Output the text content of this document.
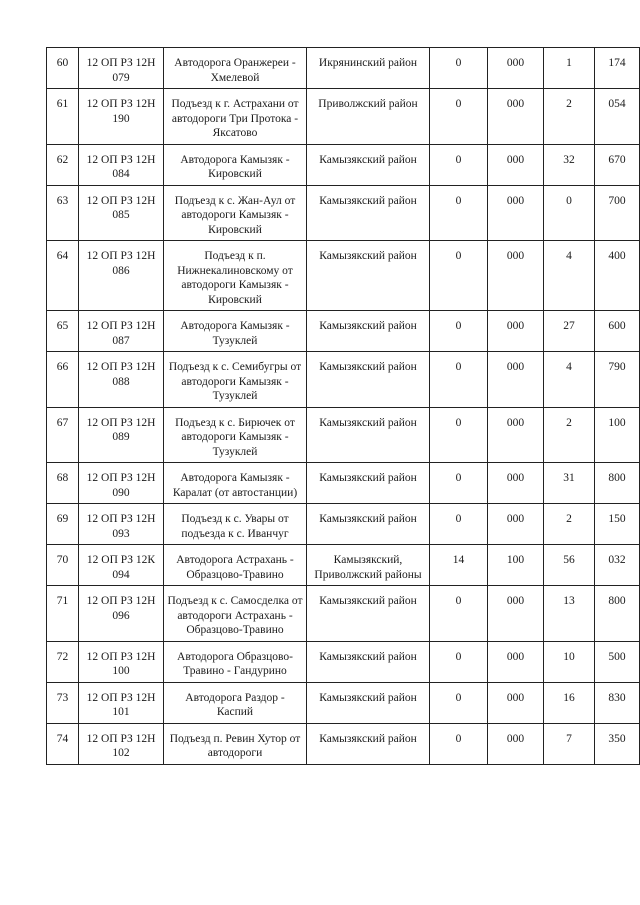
60	12 ОП РЗ 12Н 079	Автодорога Оранжереи - Хмелевой	Икрянинский район	0	000	1	174
61	12 ОП РЗ 12Н 190	Подъезд к г. Астрахани от автодороги Три Протока - Яксатово	Приволжский район	0	000	2	054
62	12 ОП РЗ 12Н 084	Автодорога Камызяк - Кировский	Камызякский район	0	000	32	670
63	12 ОП РЗ 12Н 085	Подъезд к с. Жан-Аул от автодороги Камызяк - Кировский	Камызякский район	0	000	0	700
64	12 ОП РЗ 12Н 086	Подъезд к п. Нижнекалиновскому от автодороги Камызяк - Кировский	Камызякский район	0	000	4	400
65	12 ОП РЗ 12Н 087	Автодорога Камызяк - Тузуклей	Камызякский район	0	000	27	600
66	12 ОП РЗ 12Н 088	Подъезд к с. Семибугры от автодороги Камызяк - Тузуклей	Камызякский район	0	000	4	790
67	12 ОП РЗ 12Н 089	Подъезд к с. Бирючек от автодороги Камызяк - Тузуклей	Камызякский район	0	000	2	100
68	12 ОП РЗ 12Н 090	Автодорога Камызяк - Каралат (от автостанции)	Камызякский район	0	000	31	800
69	12 ОП РЗ 12Н 093	Подъезд к с. Увары от подъезда к с. Иванчуг	Камызякский район	0	000	2	150
70	12 ОП РЗ 12К 094	Автодорога Астрахань - Образцово-Травино	Камызякский, Приволжский районы	14	100	56	032
71	12 ОП РЗ 12Н 096	Подъезд к с. Самосделка от автодороги Астрахань - Образцово-Травино	Камызякский район	0	000	13	800
72	12 ОП РЗ 12Н 100	Автодорога Образцово-Травино - Гандурино	Камызякский район	0	000	10	500
73	12 ОП РЗ 12Н 101	Автодорога Раздор - Каспий	Камызякский район	0	000	16	830
74	12 ОП РЗ 12Н 102	Подъезд п. Ревин Хутор от автодороги	Камызякский район	0	000	7	350
